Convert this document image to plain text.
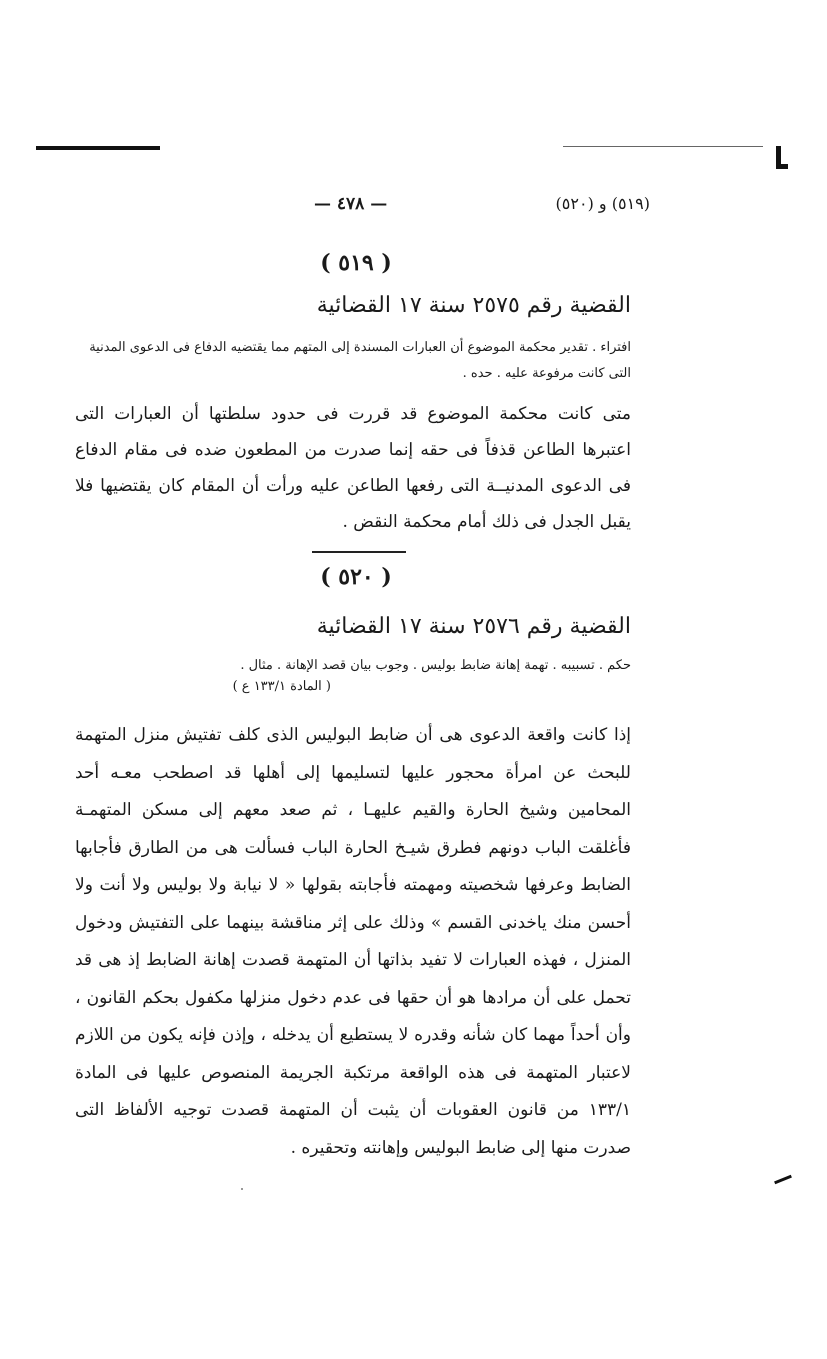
— ٤٧٨ —	(٥١٩) و (٥٢٠)
( ٥١٩ )
القضية رقم ٢٥٧٥ سنة ١٧ القضائية
افتراء . تقدير محكمة الموضوع أن العبارات المسندة إلى المتهم مما يقتضيه الدفاع فى الدعوى المدنية التى كانت مرفوعة عليه . حده .
متى كانت محكمة الموضوع قد قررت فى حدود سلطتها أن العبارات التى اعتبرها الطاعن قذفاً فى حقه إنما صدرت من المطعون ضده فى مقام الدفاع فى الدعوى المدنيــة التى رفعها الطاعن عليه ورأت أن المقام كان يقتضيها فلا يقبل الجدل فى ذلك أمام محكمة النقض .
( ٥٢٠ )
القضية رقم ٢٥٧٦ سنة ١٧ القضائية
حكم . تسبيبه . تهمة إهانة ضابط بوليس . وجوب بيان قصد الإهانة . مثال .
( المادة ١٣٣/١ ع )
إذا كانت واقعة الدعوى هى أن ضابط البوليس الذى كلف تفتيش منزل المتهمة للبحث عن امرأة محجور عليها لتسليمها إلى أهلها قد اصطحب معـه أحد المحامين وشيخ الحارة والقيم عليهـا ، ثم صعد معهم إلى مسكن المتهمـة فأغلقت الباب دونهم فطرق شيـخ الحارة الباب فسألت هى من الطارق فأجابها الضابط وعرفها شخصيته ومهمته فأجابته بقولها « لا نيابة ولا بوليس ولا أنت ولا أحسن منك ياخدنى القسم » وذلك على إثر مناقشة بينهما على التفتيش ودخول المنزل ، فهذه العبارات لا تفيد بذاتها أن المتهمة قصدت إهانة الضابط إذ هى قد تحمل على أن مرادها هو أن حقها فى عدم دخول منزلها مكفول بحكم القانون ، وأن أحداً مهما كان شأنه وقدره لا يستطيع أن يدخله ، وإذن فإنه يكون من اللازم لاعتبار المتهمة فى هذه الواقعة مرتكبة الجريمة المنصوص عليها فى المادة ١٣٣/١ من قانون العقوبات أن يثبت أن المتهمة قصدت توجيه الألفاظ التى صدرت منها إلى ضابط البوليس وإهانته وتحقيره .
